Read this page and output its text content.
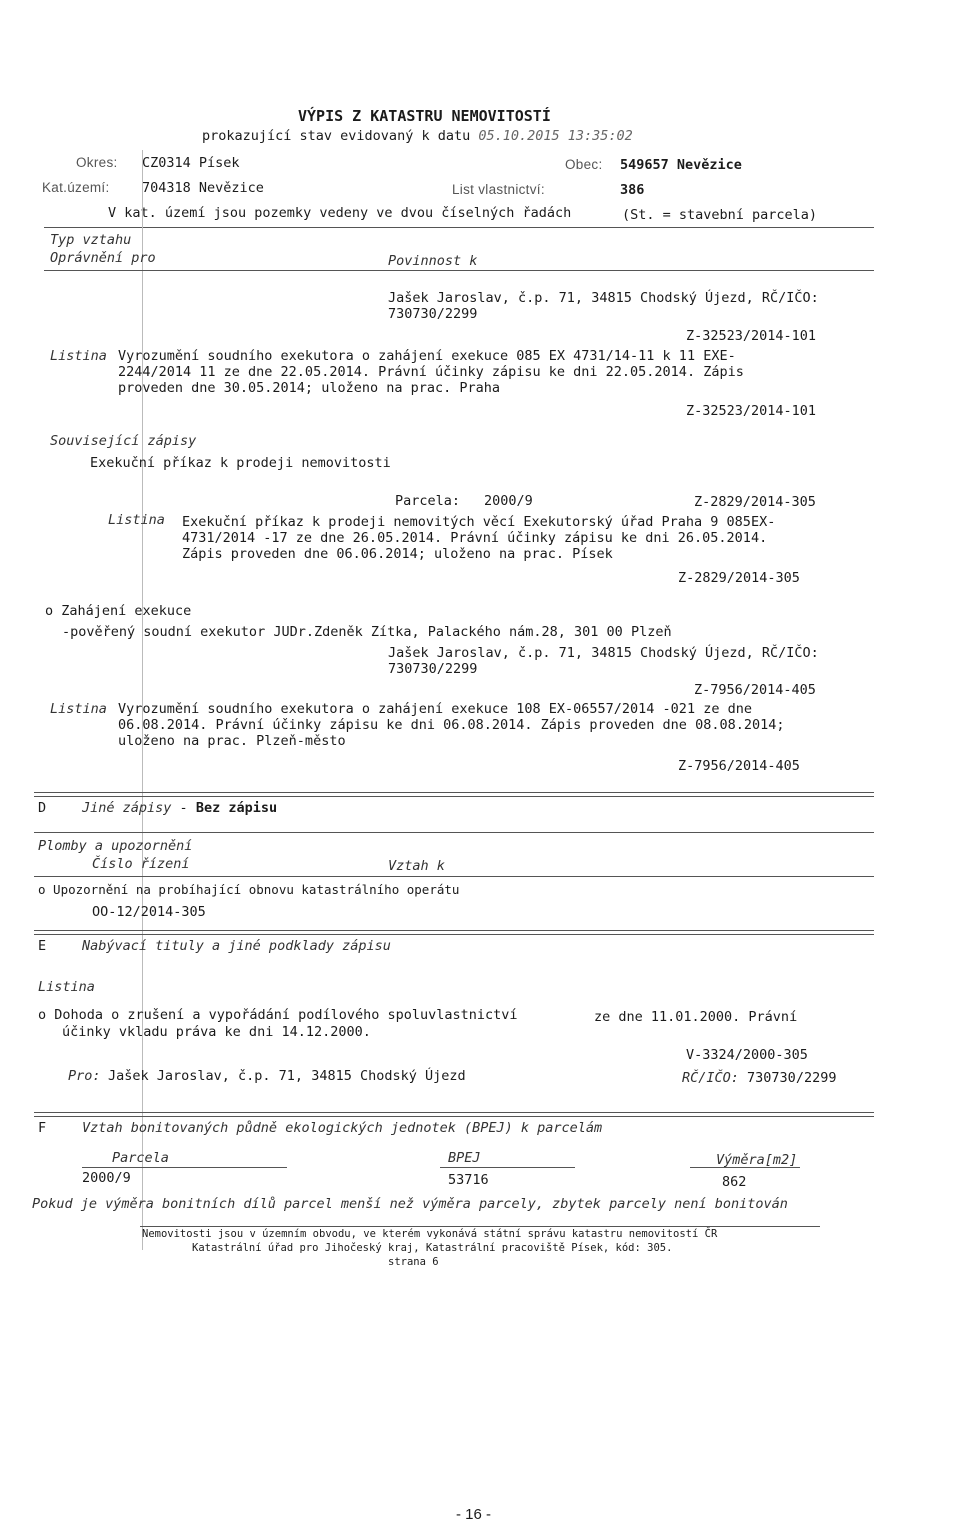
VÝPIS Z KATASTRU NEMOVITOSTÍ
prokazující stav evidovaný k datu 05.10.2015 13:35:02
Okres: CZ0314 Písek	Obec: 549657 Nevězice
Kat.území: 704318 Nevězice	List vlastnictví:	386
V kat. území jsou pozemky vedeny ve dvou číselných řadách	(St. = stavební parcela)
Typ vztahu
Oprávnění pro	Povinnost k
Jašek Jaroslav, č.p. 71, 34815 Chodský Újezd, RČ/IČO:
730730/2299
Z-32523/2014-101
Listina Vyrozumění soudního exekutora o zahájení exekuce 085 EX 4731/14-11 k 11 EXE-
2244/2014 11 ze dne 22.05.2014. Právní účinky zápisu ke dni 22.05.2014. Zápis
proveden dne 30.05.2014; uloženo na prac. Praha
Z-32523/2014-101
Související zápisy
Exekuční příkaz k prodeji nemovitosti
Parcela: 2000/9	Z-2829/2014-305
Listina Exekuční příkaz k prodeji nemovitých věcí Exekutorský úřad Praha 9 085EX-
4731/2014 -17 ze dne 26.05.2014. Právní účinky zápisu ke dni 26.05.2014.
Zápis proveden dne 06.06.2014; uloženo na prac. Písek
Z-2829/2014-305
o Zahájení exekuce
-pověřený soudní exekutor JUDr.Zdeněk Zítka, Palackého nám.28, 301 00 Plzeň
Jašek Jaroslav, č.p. 71, 34815 Chodský Újezd, RČ/IČO:
730730/2299
Z-7956/2014-405
Listina Vyrozumění soudního exekutora o zahájení exekuce 108 EX-06557/2014 -021 ze dne
06.08.2014. Právní účinky zápisu ke dni 06.08.2014. Zápis proveden dne 08.08.2014;
uloženo na prac. Plzeň-město
Z-7956/2014-405
D	Jiné zápisy - Bez zápisu
Plomby a upozornění
Číslo řízení	Vztah k
o Upozornění na probíhající obnovu katastrálního operátu
OO-12/2014-305
E	Nabývací tituly a jiné podklady zápisu
Listina
o Dohoda o zrušení a vypořádání podílového spoluvlastnictví	ze dne 11.01.2000. Právní
účinky vkladu práva ke dni 14.12.2000.
V-3324/2000-305
Pro: Jašek Jaroslav, č.p. 71, 34815 Chodský Újezd	RČ/IČO: 730730/2299
F	Vztah bonitovaných půdně ekologických jednotek (BPEJ) k parcelám
Parcela	BPEJ	Výměra[m2]
2000/9	53716	862
Pokud je výměra bonitních dílů parcel menší než výměra parcely, zbytek parcely není bonitován
Nemovitosti jsou v územním obvodu, ve kterém vykonává státní správu katastru nemovitostí ČR
Katastrální úřad pro Jihočeský kraj, Katastrální pracoviště Písek, kód: 305.
strana 6
- 16 -
